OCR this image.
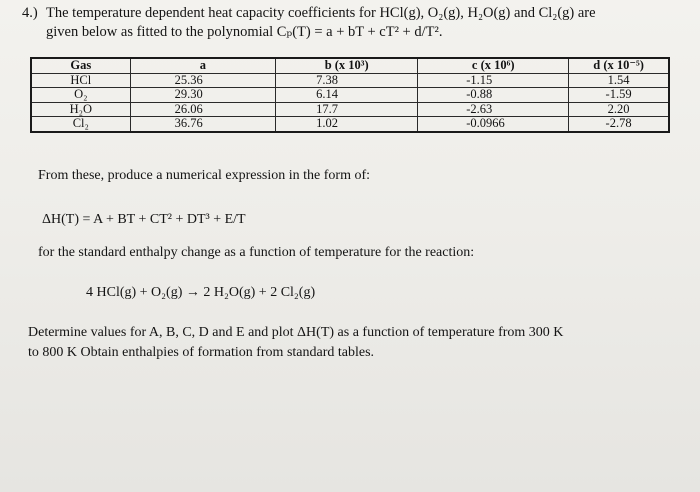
4.) The temperature dependent heat capacity coefficients for HCl(g), O₂(g), H₂O(g) and Cl₂(g) are
given below as fitted to the polynomial Cₚ(T) = a + bT + cT² + d/T².
Gas	a	b (x 10³)	c (x 10⁶)	d (x 10⁻⁵)
HCl	25.36	7.38	-1.15	1.54
O₂	29.30	6.14	-0.88	-1.59
H₂O	26.06	17.7	-2.63	2.20
Cl₂	36.76	1.02	-0.0966	-2.78
From these, produce a numerical expression in the form of:
ΔH(T) = A + BT + CT² + DT³ + E/T
for the standard enthalpy change as a function of temperature for the reaction:
4 HCl(g) + O₂(g) → 2 H₂O(g) + 2 Cl₂(g)
Determine values for A, B, C, D and E and plot ΔH(T) as a function of temperature from 300 K
to 800 K Obtain enthalpies of formation from standard tables.
